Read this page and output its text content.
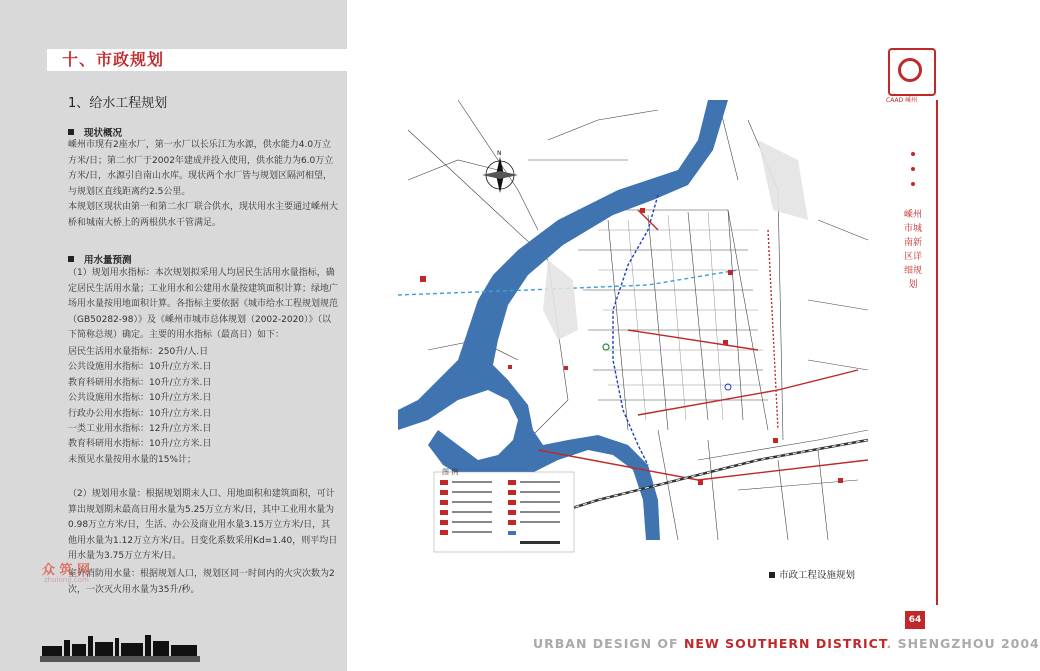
十、市政规划
1、给水工程规划
现状概况

嵊州市现有2座水厂，第一水厂以长乐江为水源，供水能力4.0万立方米/日；第二水厂于2002年建成并投入使用，供水能力为6.0万立方米/日，水源引自南山水库。现状两个水厂皆与规划区隔河相望，与规划区直线距离约2.5公里。

本规划区现状由第一和第二水厂联合供水，现状用水主要通过嵊州大桥和城南大桥上的两根供水干管满足。

用水量预测

（1）规划用水指标：本次规划拟采用人均居民生活用水量指标，确定居民生活用水量；工业用水和公建用水量按建筑面积计算；绿地广场用水量按用地面积计算。各指标主要依据《城市给水工程规划规范（GB50282-98）》及《嵊州市城市总体规划（2002-2020）》（以下简称总规）确定。主要的用水指标（最高日）如下：

居民生活用水量指标：250升/人.日
公共设施用水指标：10升/立方米.日
教育科研用水指标：10升/立方米.日
公共设施用水指标：10升/立方米.日
行政办公用水指标：10升/立方米.日
一类工业用水指标：12升/立方米.日
教育科研用水指标：10升/立方米.日
未预见水量按用水量的15%计；

（2）规划用水量：根据规划期末人口、用地面积和建筑面积，可计算出规划期末最高日用水量为5.25万立方米/日，其中工业用水量为0.98万立方米/日，生活、办公及商业用水量3.15万立方米/日，其他用水量为1.12万立方米/日。日变化系数采用Kd=1.40，则平均日用水量为3.75万立方米/日。

室外消防用水量：根据规划人口，规划区同一时间内的火灾次数为2次，一次灭火用水量为35升/秒。

众 筑 网
zhulong.com
CAAD 嵊州
嵊州市城南新区详细规划
64
N
图 例
市政工程设施规划
URBAN DESIGN OF NEW SOUTHERN DISTRICT. SHENGZHOU 2004
